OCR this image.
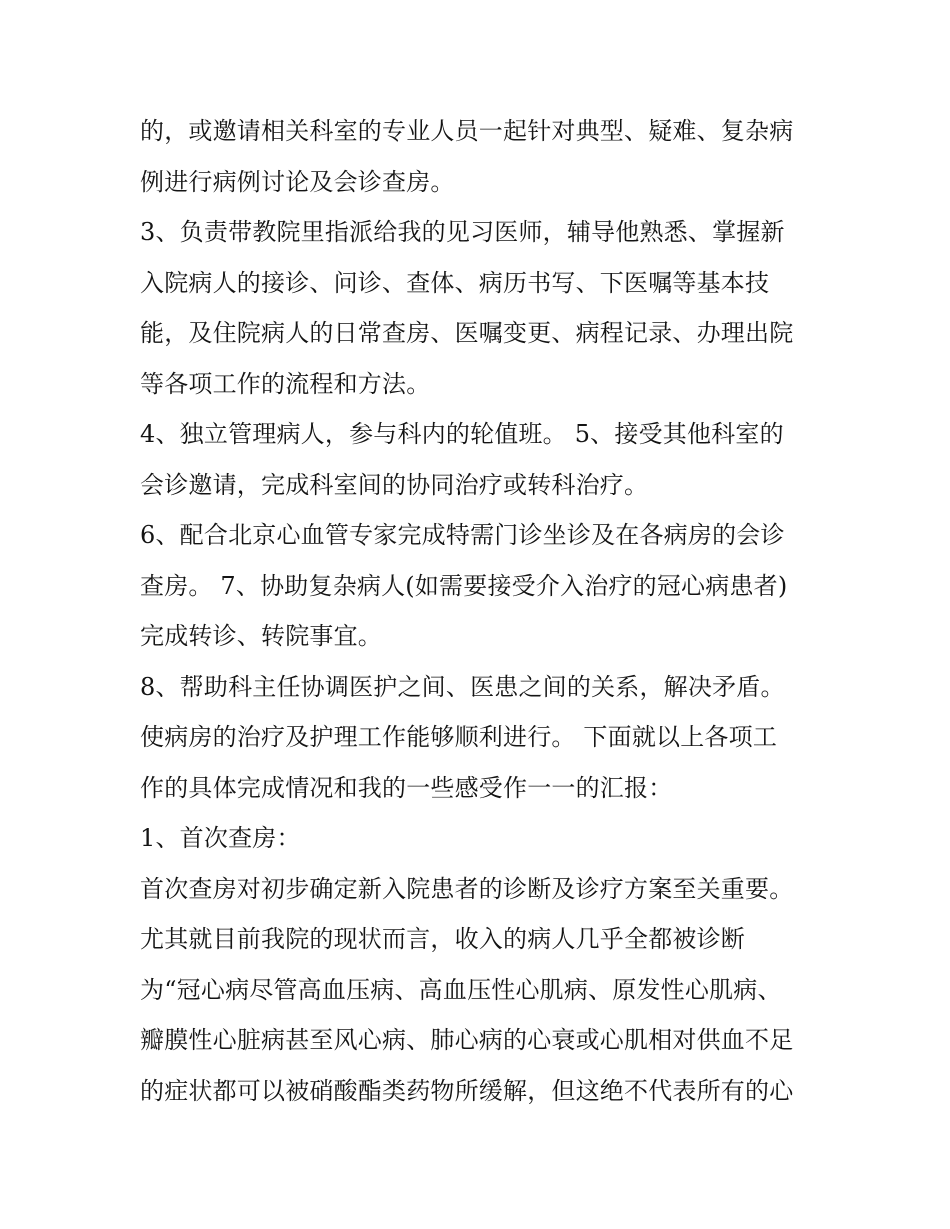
的，或邀请相关科室的专业人员一起针对典型、疑难、复杂病
例进行病例讨论及会诊查房。
3、负责带教院里指派给我的见习医师，辅导他熟悉、掌握新
入院病人的接诊、问诊、查体、病历书写、下医嘱等基本技
能，及住院病人的日常查房、医嘱变更、病程记录、办理出院
等各项工作的流程和方法。
4、独立管理病人，参与科内的轮值班。 5、接受其他科室的
会诊邀请，完成科室间的协同治疗或转科治疗。
6、配合北京心血管专家完成特需门诊坐诊及在各病房的会诊
查房。 7、协助复杂病人(如需要接受介入治疗的冠心病患者)
完成转诊、转院事宜。
8、帮助科主任协调医护之间、医患之间的关系，解决矛盾。
使病房的治疗及护理工作能够顺利进行。 下面就以上各项工
作的具体完成情况和我的一些感受作一一的汇报：
1、首次查房：
首次查房对初步确定新入院患者的诊断及诊疗方案至关重要。
尤其就目前我院的现状而言，收入的病人几乎全都被诊断
为“冠心病尽管高血压病、高血压性心肌病、原发性心肌病、
瓣膜性心脏病甚至风心病、肺心病的心衰或心肌相对供血不足
的症状都可以被硝酸酯类药物所缓解，但这绝不代表所有的心
